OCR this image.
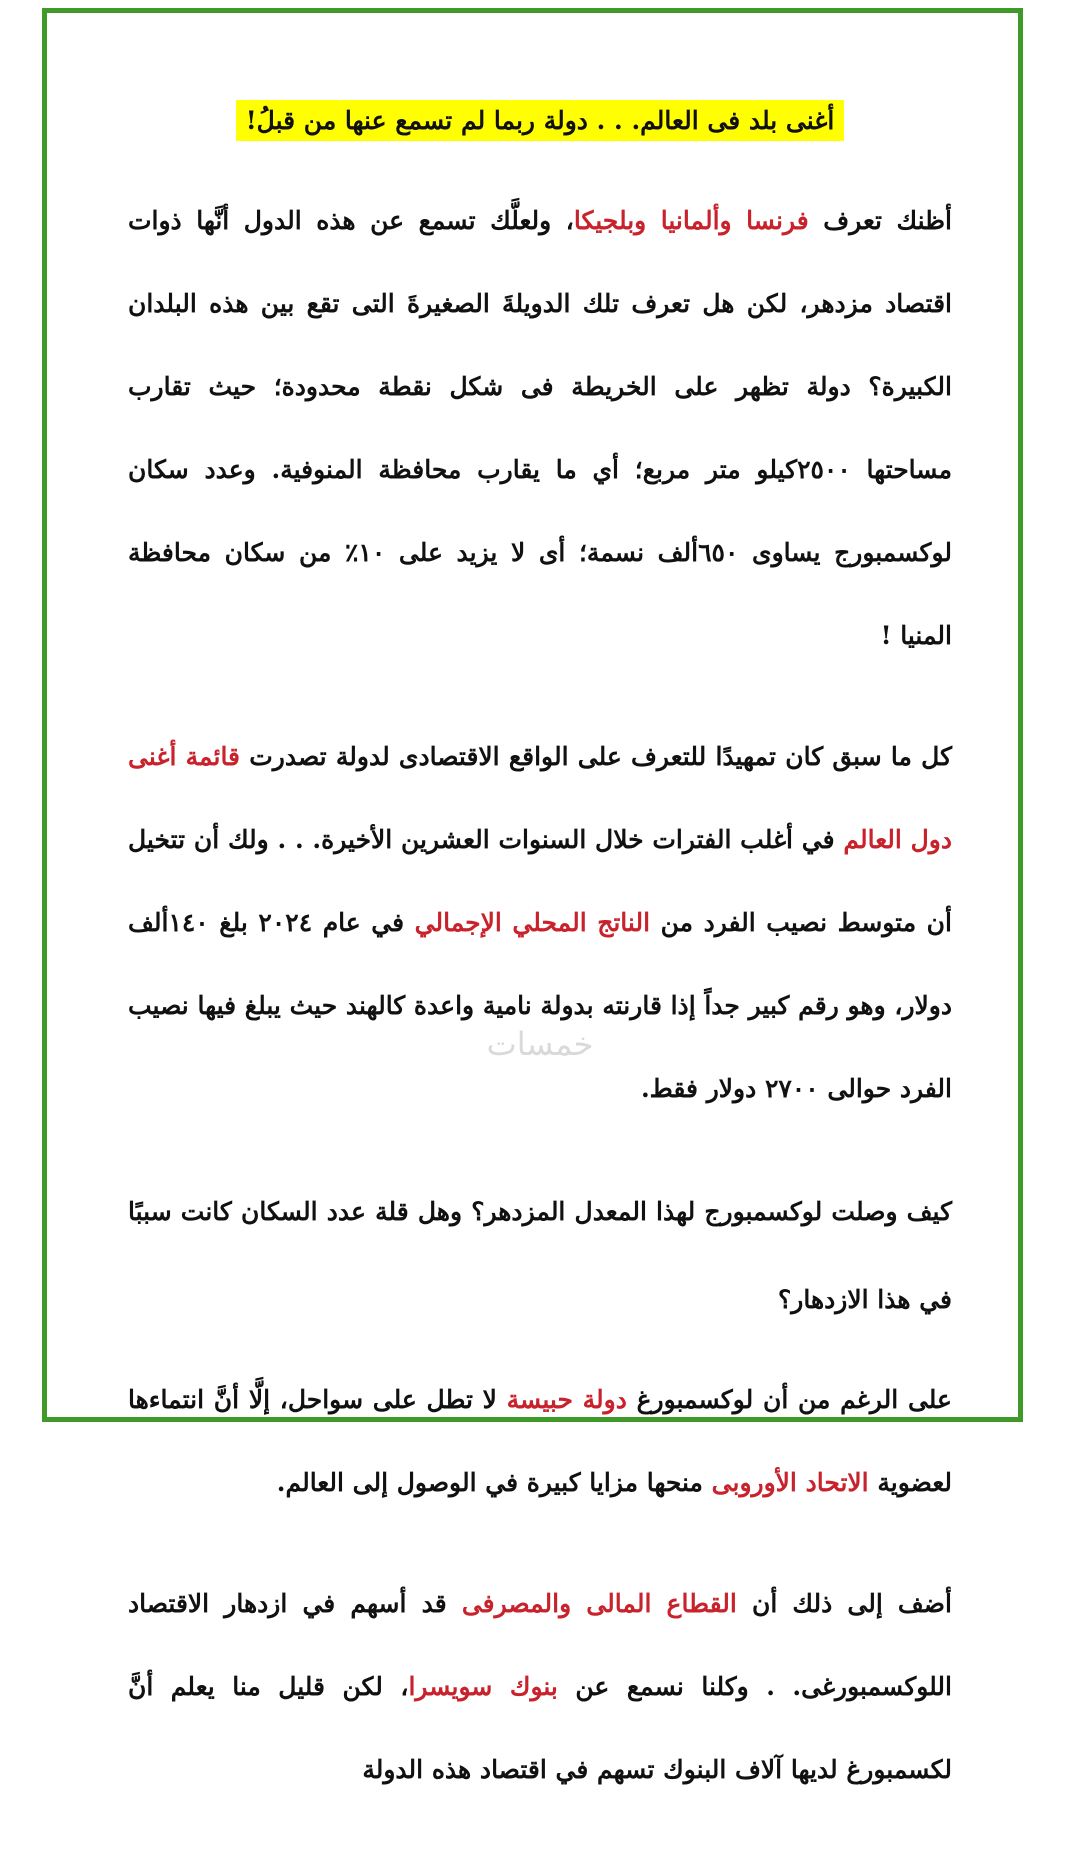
أغنى بلد فى العالم. . . دولة ربما لم تسمع عنها من قبلُ!

أظنك تعرف فرنسا وألمانيا وبلجيكا، ولعلَّك تسمع عن هذه الدول أنَّها ذوات اقتصاد مزدهر، لكن هل تعرف تلك الدويلةَ الصغيرةَ التى تقع بين هذه البلدان الكبيرة؟ دولة تظهر على الخريطة فى شكل نقطة محدودة؛ حيث تقارب مساحتها ٢٥٠٠كيلو متر مربع؛ أي ما يقارب محافظة المنوفية. وعدد سكان لوكسمبورج يساوى ٦٥٠ألف نسمة؛ أى لا يزيد على ١٠٪ من سكان محافظة المنيا !

كل ما سبق كان تمهيدًا للتعرف على الواقع الاقتصادى لدولة تصدرت قائمة أغنى دول العالم في أغلب الفترات خلال السنوات العشرين الأخيرة. . . ولك أن تتخيل أن متوسط نصيب الفرد من الناتج المحلي الإجمالي في عام ٢٠٢٤ بلغ ١٤٠ألف دولار، وهو رقم كبير جداً إذا قارنته بدولة نامية واعدة كالهند حيث يبلغ فيها نصيب الفرد حوالى ٢٧٠٠ دولار فقط.

كيف وصلت لوكسمبورج لهذا المعدل المزدهر؟ وهل قلة عدد السكان كانت سببًا في هذا الازدهار؟

على الرغم من أن لوكسمبورغ دولة حبيسة لا تطل على سواحل، إلَّا أنَّ انتماءها لعضوية الاتحاد الأوروبى منحها مزايا كبيرة في الوصول إلى العالم.

أضف إلى ذلك أن القطاع المالى والمصرفى قد أسهم في ازدهار الاقتصاد اللوكسمبورغى. . وكلنا نسمع عن بنوك سويسرا، لكن قليل منا يعلم أنَّ لكسمبورغ لديها آلاف البنوك تسهم في اقتصاد هذه الدولة

خمسات
